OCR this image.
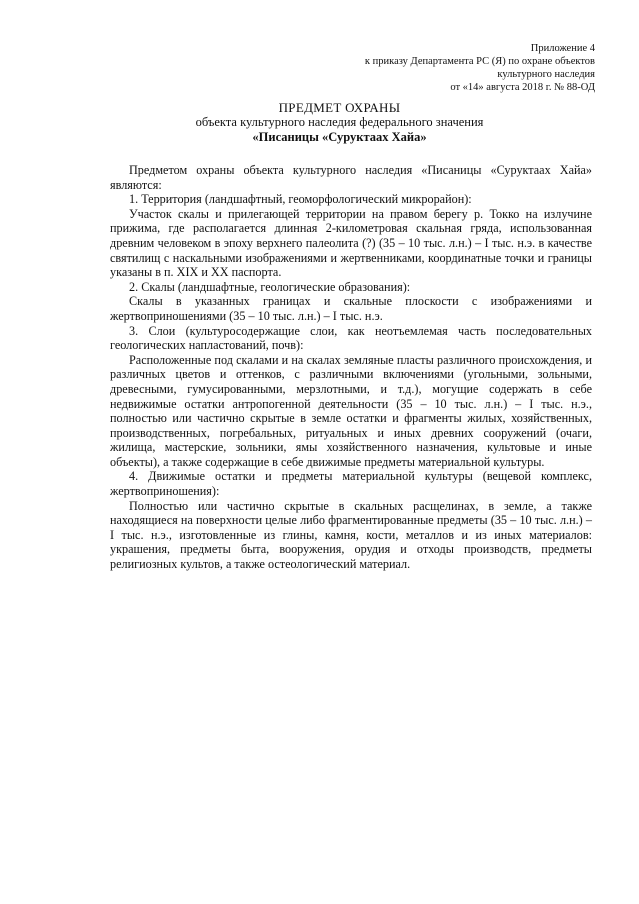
Приложение 4
к приказу Департамента РС (Я) по охране объектов
культурного наследия
от «14» августа 2018 г. № 88-ОД
ПРЕДМЕТ ОХРАНЫ
объекта культурного наследия федерального значения
«Писаницы «Суруктаах Хайа»

Предметом охраны объекта культурного наследия «Писаницы «Суруктаах Хайа» являются:

1. Территория (ландшафтный, геоморфологический микрорайон):

Участок скалы и прилегающей территории на правом берегу р. Токко на излучине прижима, где располагается длинная 2-километровая скальная гряда, использованная древним человеком в эпоху верхнего палеолита (?) (35 – 10 тыс. л.н.) – I тыс. н.э. в качестве святилищ с наскальными изображениями и жертвенниками, координатные точки и границы указаны в п. XIX и XX паспорта.

2. Скалы (ландшафтные, геологические образования):

Скалы в указанных границах и скальные плоскости с изображениями и жертвоприношениями (35 – 10 тыс. л.н.) – I тыс. н.э.

3. Слои (культуросодержащие слои, как неотъемлемая часть последовательных геологических напластований, почв):

Расположенные под скалами и на скалах земляные пласты различного происхождения, и различных цветов и оттенков, с различными включениями (угольными, зольными, древесными, гумусированными, мерзлотными, и т.д.), могущие содержать в себе недвижимые остатки антропогенной деятельности (35 – 10 тыс. л.н.) – I тыс. н.э., полностью или частично скрытые в земле остатки и фрагменты жилых, хозяйственных, производственных, погребальных, ритуальных и иных древних сооружений (очаги, жилища, мастерские, зольники, ямы хозяйственного назначения, культовые и иные объекты), а также содержащие в себе движимые предметы материальной культуры.

4. Движимые остатки и предметы материальной культуры (вещевой комплекс, жертвоприношения):

Полностью или частично скрытые в скальных расщелинах, в земле, а также находящиеся на поверхности целые либо фрагментированные предметы (35 – 10 тыс. л.н.) – I тыс. н.э., изготовленные из глины, камня, кости, металлов и из иных материалов: украшения, предметы быта, вооружения, орудия и отходы производств, предметы религиозных культов, а также остеологический материал.
